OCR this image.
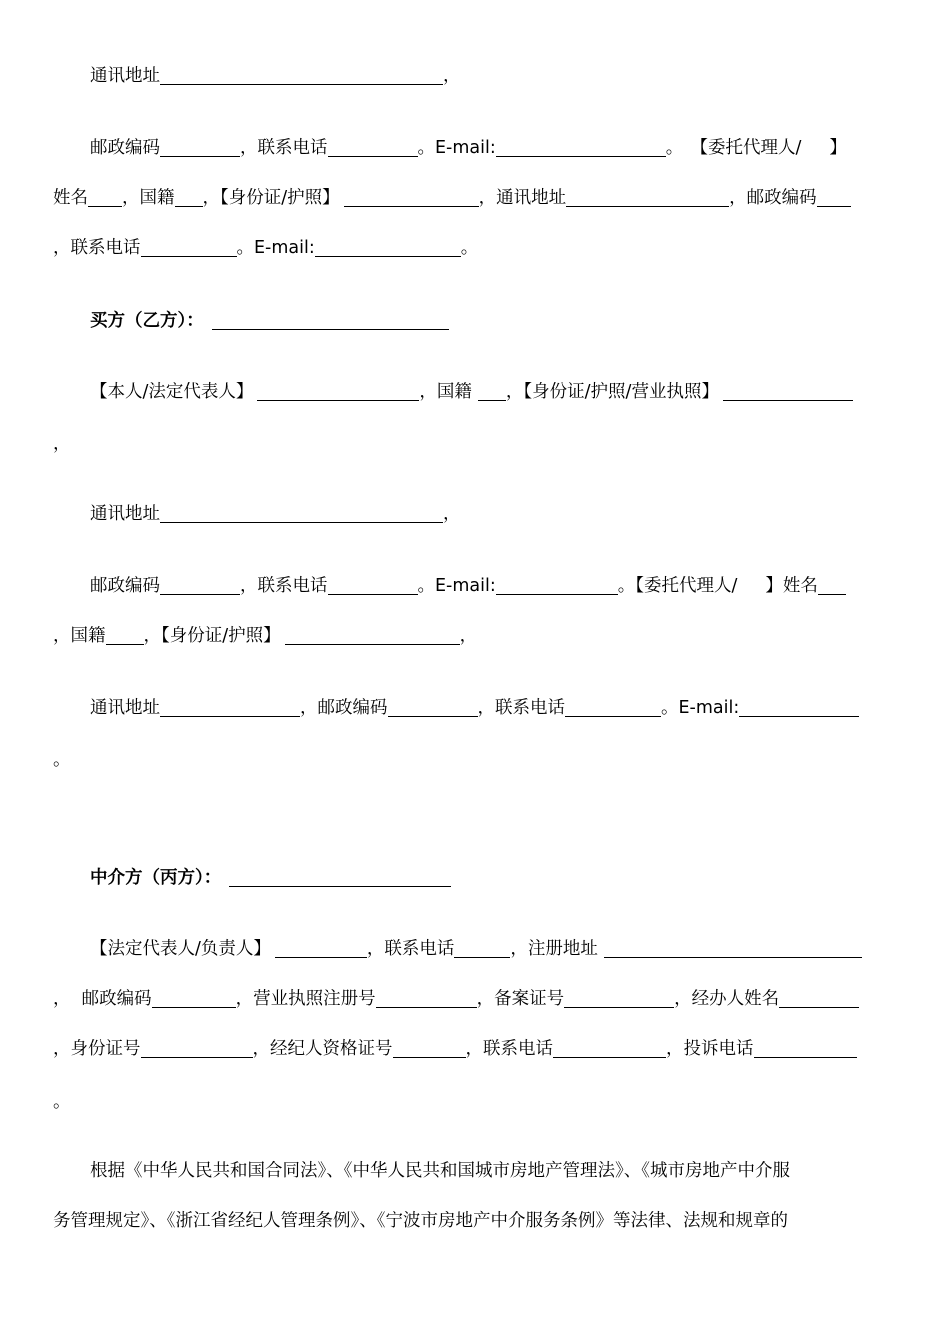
通讯地址	，
邮政编码	，联系电话	。E-mail:	。 【委托代理人/ 】
姓名 ，国籍 ，【身份证/护照】	，通讯地址	，邮政编码
，联系电话	。E-mail:	。
买方（乙方）：
【本人/法定代表人】	，国籍 ，【身份证/护照/营业执照】
，
通讯地址	，
邮政编码	，联系电话	。E-mail:	。【委托代理人/ 】姓名
，国籍 ，【身份证/护照】	，
通讯地址	，邮政编码	，联系电话	。E-mail:
。
中介方（丙方）：
【法定代表人/负责人】	，联系电话	，注册地址
，  邮政编码	，营业执照注册号	，备案证号	，经办人姓名
，身份证号	，经纪人资格证号	，联系电话	，投诉电话
。
根据《中华人民共和国合同法》、《中华人民共和国城市房地产管理法》、《城市房地产中介服
务管理规定》、《浙江省经纪人管理条例》、《宁波市房地产中介服务条例》等法律、法规和规章的
